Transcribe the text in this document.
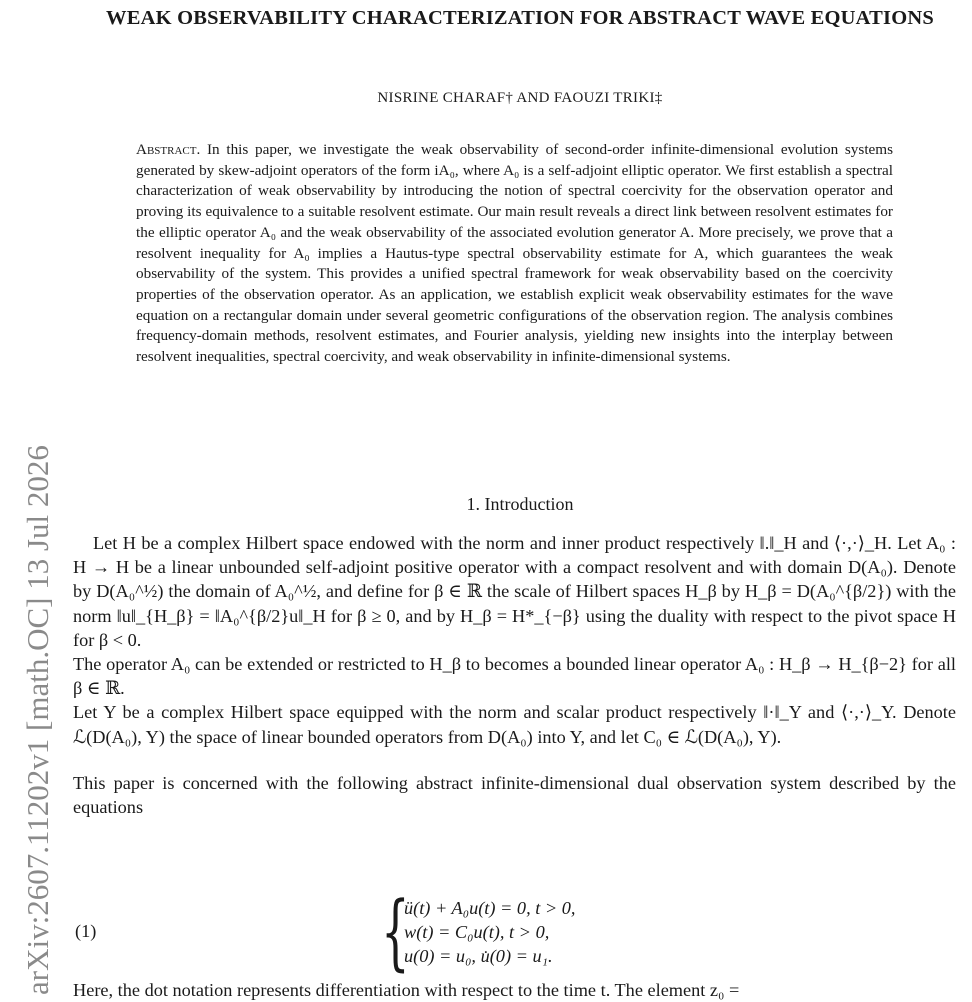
arXiv:2607.11202v1 [math.OC] 13 Jul 2026
WEAK OBSERVABILITY CHARACTERIZATION FOR ABSTRACT WAVE EQUATIONS
NISRINE CHARAF† AND FAOUZI TRIKI‡
Abstract. In this paper, we investigate the weak observability of second-order infinite-dimensional evolution systems generated by skew-adjoint operators of the form iA₀, where A₀ is a self-adjoint elliptic operator. We first establish a spectral characterization of weak observability by introducing the notion of spectral coercivity for the observation operator and proving its equivalence to a suitable resolvent estimate. Our main result reveals a direct link between resolvent estimates for the elliptic operator A₀ and the weak observability of the associated evolution generator A. More precisely, we prove that a resolvent inequality for A₀ implies a Hautus-type spectral observability estimate for A, which guarantees the weak observability of the system. This provides a unified spectral framework for weak observability based on the coercivity properties of the observation operator. As an application, we establish explicit weak observability estimates for the wave equation on a rectangular domain under several geometric configurations of the observation region. The analysis combines frequency-domain methods, resolvent estimates, and Fourier analysis, yielding new insights into the interplay between resolvent inequalities, spectral coercivity, and weak observability in infinite-dimensional systems.
1. Introduction

Let H be a complex Hilbert space endowed with the norm and inner product respectively ‖.‖_H and ⟨·,·⟩_H. Let A₀ : H → H be a linear unbounded self-adjoint positive operator with a compact resolvent and with domain D(A₀). Denote by D(A₀^½) the domain of A₀^½, and define for β ∈ ℝ the scale of Hilbert spaces H_β by H_β = D(A₀^{β/2}) with the norm ‖u‖_{H_β} = ‖A₀^{β/2}u‖_H for β ≥ 0, and by H_β = H*_{−β} using the duality with respect to the pivot space H for β < 0.

The operator A₀ can be extended or restricted to H_β to becomes a bounded linear operator A₀ : H_β → H_{β−2} for all β ∈ ℝ.

Let Y be a complex Hilbert space equipped with the norm and scalar product respectively ‖·‖_Y and ⟨·,·⟩_Y. Denote ℒ(D(A₀), Y) the space of linear bounded operators from D(A₀) into Y, and let C₀ ∈ ℒ(D(A₀), Y).

This paper is concerned with the following abstract infinite-dimensional dual observation system described by the equations

(1)	{
ü(t) + A₀u(t) = 0, t > 0,
w(t) = C₀u(t), t > 0,
u(0) = u₀, u̇(0) = u₁.
Here, the dot notation represents differentiation with respect to the time t. The element z₀ =
